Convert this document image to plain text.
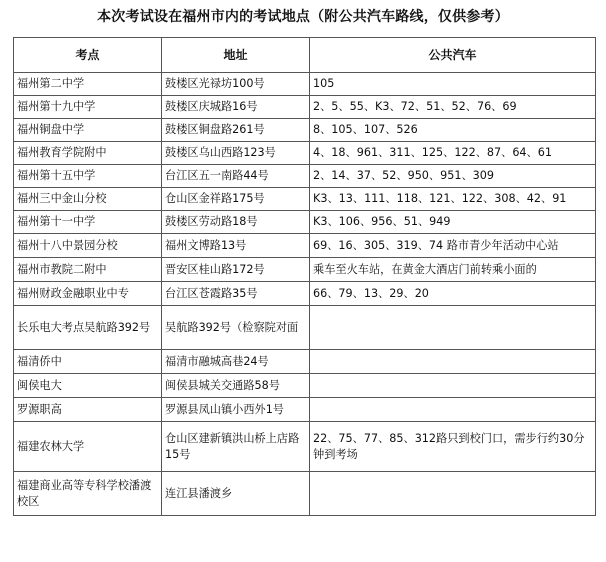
本次考试设在福州市内的考试地点（附公共汽车路线，仅供参考）
考点	地址	公共汽车
福州第二中学	鼓楼区光禄坊100号	105
福州第十九中学	鼓楼区庆城路16号	2、5、55、K3、72、51、52、76、69
福州铜盘中学	鼓楼区铜盘路261号	8、105、107、526
福州教育学院附中	鼓楼区乌山西路123号	4、18、961、311、125、122、87、64、61
福州第十五中学	台江区五一南路44号	2、14、37、52、950、951、309
福州三中金山分校	仓山区金祥路175号	K3、13、111、118、121、122、308、42、91
福州第十一中学	鼓楼区劳动路18号	K3、106、956、51、949
福州十八中景园分校	福州文博路13号	69、16、305、319、74 路市青少年活动中心站
福州市教院二附中	晋安区桂山路172号	乘车至火车站，在黄金大酒店门前转乘小面的
福州财政金融职业中专	台江区苍霞路35号	66、79、13、29、20
长乐电大考点吴航路392号	吴航路392号（检察院对面	
福清侨中	福清市融城高巷24号	
闽侯电大	闽侯县城关交通路58号	
罗源职高	罗源县凤山镇小西外1号	
福建农林大学	仓山区建新镇洪山桥上店路15号	22、75、77、85、312路只到校门口，需步行约30分钟到考场
福建商业高等专科学校潘渡校区	连江县潘渡乡	
